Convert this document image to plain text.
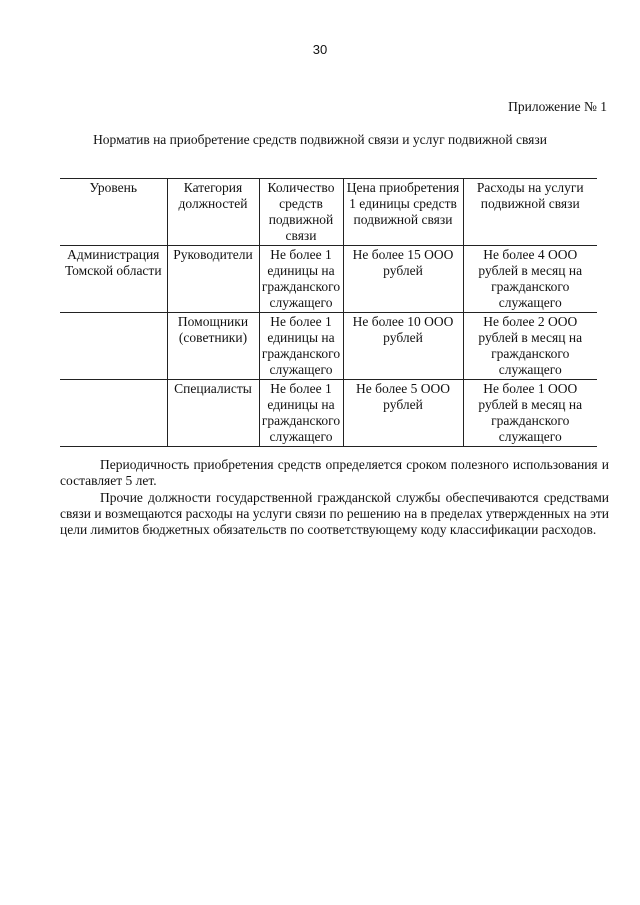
30
Приложение № 1
Норматив на приобретение средств подвижной связи и услуг подвижной связи
Уровень	Категория должностей	Количество средств подвижной связи	Цена приобретения 1 единицы средств подвижной связи	Расходы на услуги подвижной связи
Администрация Томской области	Руководители	Не более 1 единицы на гражданского служащего	Не более 15 ООО рублей	Не более 4 ООО рублей в месяц на гражданского служащего
	Помощники (советники)	Не более 1 единицы на гражданского служащего	Не более 10 ООО рублей	Не более 2 ООО рублей в месяц на гражданского служащего
	Специалисты	Не более 1 единицы на гражданского служащего	Не более 5 ООО рублей	Не более 1 ООО рублей в месяц на гражданского служащего

Периодичность приобретения средств определяется сроком полезного использования и составляет 5 лет.

Прочие должности государственной гражданской службы обеспечиваются средствами связи и возмещаются расходы на услуги связи по решению на в пределах утвержденных на эти цели лимитов бюджетных обязательств по соответствующему коду классификации расходов.
